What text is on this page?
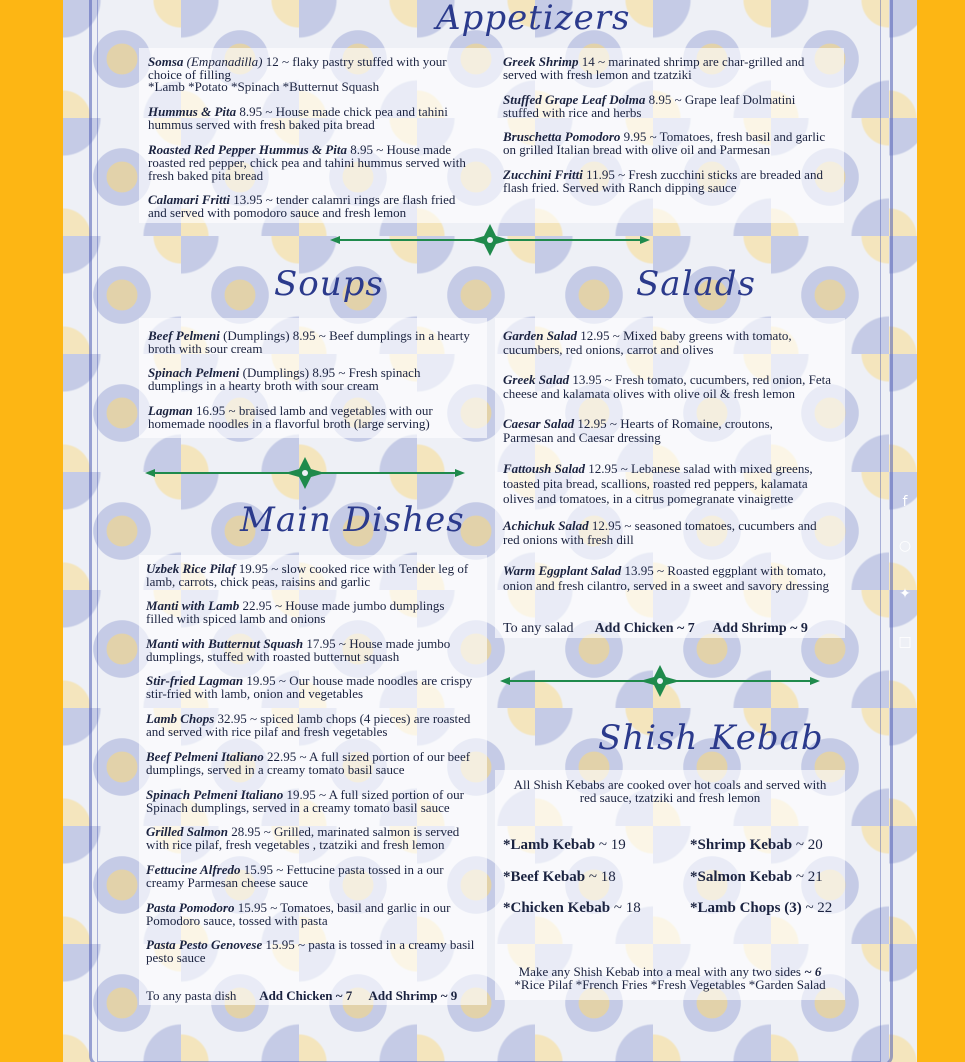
Appetizers
Soups	Salads
Main Dishes
Shish Kebab
Somsa (Empanadilla) 12 ~ flaky pastry stuffed with your choice of filling
*Lamb *Potato *Spinach *Butternut Squash
Hummus & Pita 8.95 ~ House made chick pea and tahini hummus served with fresh baked pita bread
Roasted Red Pepper Hummus & Pita 8.95 ~ House made roasted red pepper, chick pea and tahini hummus served with fresh baked pita bread
Calamari Fritti 13.95 ~ tender calamri rings are flash fried and served with pomodoro sauce and fresh lemon
Greek Shrimp 14 ~ marinated shrimp are char-grilled and served with fresh lemon and tzatziki
Stuffed Grape Leaf Dolma 8.95 ~ Grape leaf Dolmatini stuffed with rice and herbs
Bruschetta Pomodoro 9.95 ~ Tomatoes, fresh basil and garlic on grilled Italian bread with olive oil and Parmesan
Zucchini Fritti 11.95 ~ Fresh zucchini sticks are breaded and flash fried. Served with Ranch dipping sauce
Beef Pelmeni (Dumplings) 8.95 ~ Beef dumplings in a hearty broth with sour cream
Spinach Pelmeni (Dumplings) 8.95 ~ Fresh spinach dumplings in a hearty broth with sour cream
Lagman 16.95 ~ braised lamb and vegetables with our homemade noodles in a flavorful broth (large serving)
Garden Salad 12.95 ~ Mixed baby greens with tomato, cucumbers, red onions, carrot and olives
Greek Salad 13.95 ~ Fresh tomato, cucumbers, red onion, Feta cheese and kalamata olives with olive oil & fresh lemon
Caesar Salad 12.95 ~ Hearts of Romaine, croutons, Parmesan and Caesar dressing
Fattoush Salad 12.95 ~ Lebanese salad with mixed greens, toasted pita bread, scallions, roasted red peppers, kalamata olives and tomatoes, in a citrus pomegranate vinaigrette
Achichuk Salad 12.95 ~ seasoned tomatoes, cucumbers and red onions with fresh dill
Warm Eggplant Salad 13.95 ~ Roasted eggplant with tomato, onion and fresh cilantro, served in a sweet and savory dressing
To any salad Add Chicken ~ 7 Add Shrimp ~ 9
Uzbek Rice Pilaf 19.95 ~ slow cooked rice with Tender leg of lamb, carrots, chick peas, raisins and garlic
Manti with Lamb 22.95 ~ House made jumbo dumplings filled with spiced lamb and onions
Manti with Butternut Squash 17.95 ~ House made jumbo dumplings, stuffed with roasted butternut squash
Stir-fried Lagman 19.95 ~ Our house made noodles are crispy stir-fried with lamb, onion and vegetables
Lamb Chops 32.95 ~ spiced lamb chops (4 pieces) are roasted and served with rice pilaf and fresh vegetables
Beef Pelmeni Italiano 22.95 ~ A full sized portion of our beef dumplings, served in a creamy tomato basil sauce
Spinach Pelmeni Italiano 19.95 ~ A full sized portion of our Spinach dumplings, served in a creamy tomato basil sauce
Grilled Salmon 28.95 ~ Grilled, marinated salmon is served with rice pilaf, fresh vegetables , tzatziki and fresh lemon
Fettucine Alfredo 15.95 ~ Fettucine pasta tossed in a our creamy Parmesan cheese sauce
Pasta Pomodoro 15.95 ~ Tomatoes, basil and garlic in our Pomodoro sauce, tossed with pasta
Pasta Pesto Genovese 15.95 ~ pasta is tossed in a creamy basil pesto sauce
To any pasta dish Add Chicken ~ 7 Add Shrimp ~ 9
All Shish Kebabs are cooked over hot coals and served with red sauce, tzatziki and fresh lemon
*Lamb Kebab ~ 19	*Shrimp Kebab ~ 20
*Beef Kebab ~ 18	*Salmon Kebab ~ 21
*Chicken Kebab ~ 18	*Lamb Chops (3) ~ 22
Make any Shish Kebab into a meal with any two sides ~ 6
*Rice Pilaf *French Fries *Fresh Vegetables *Garden Salad
f
○
✦
□
